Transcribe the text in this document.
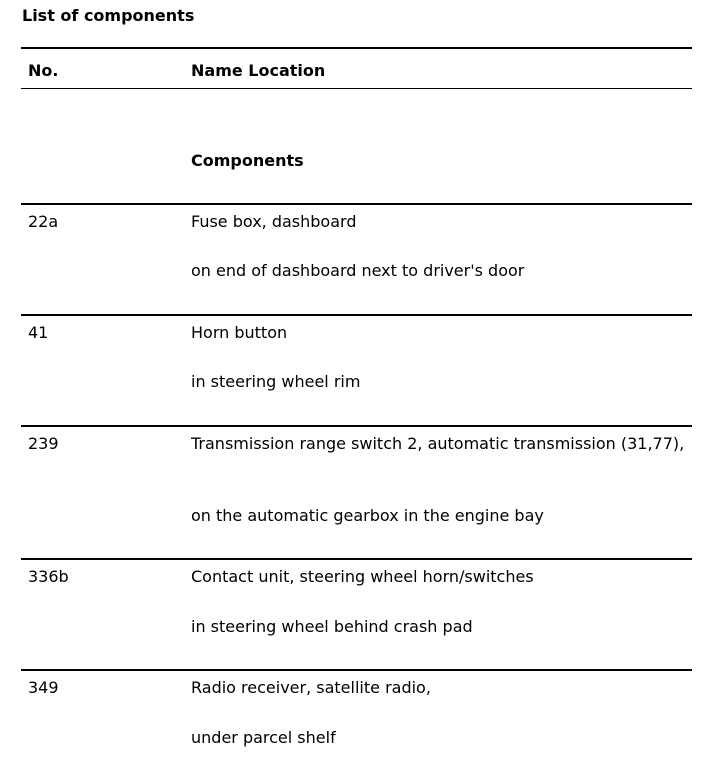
List of components
No.	Name Location
Components
22a	Fuse box, dashboard
on end of dashboard next to driver's door
41	Horn button
in steering wheel rim
239	Transmission range switch 2, automatic transmission (31,77),
on the automatic gearbox in the engine bay
336b	Contact unit, steering wheel horn/switches
in steering wheel behind crash pad
349	Radio receiver, satellite radio,
under parcel shelf
